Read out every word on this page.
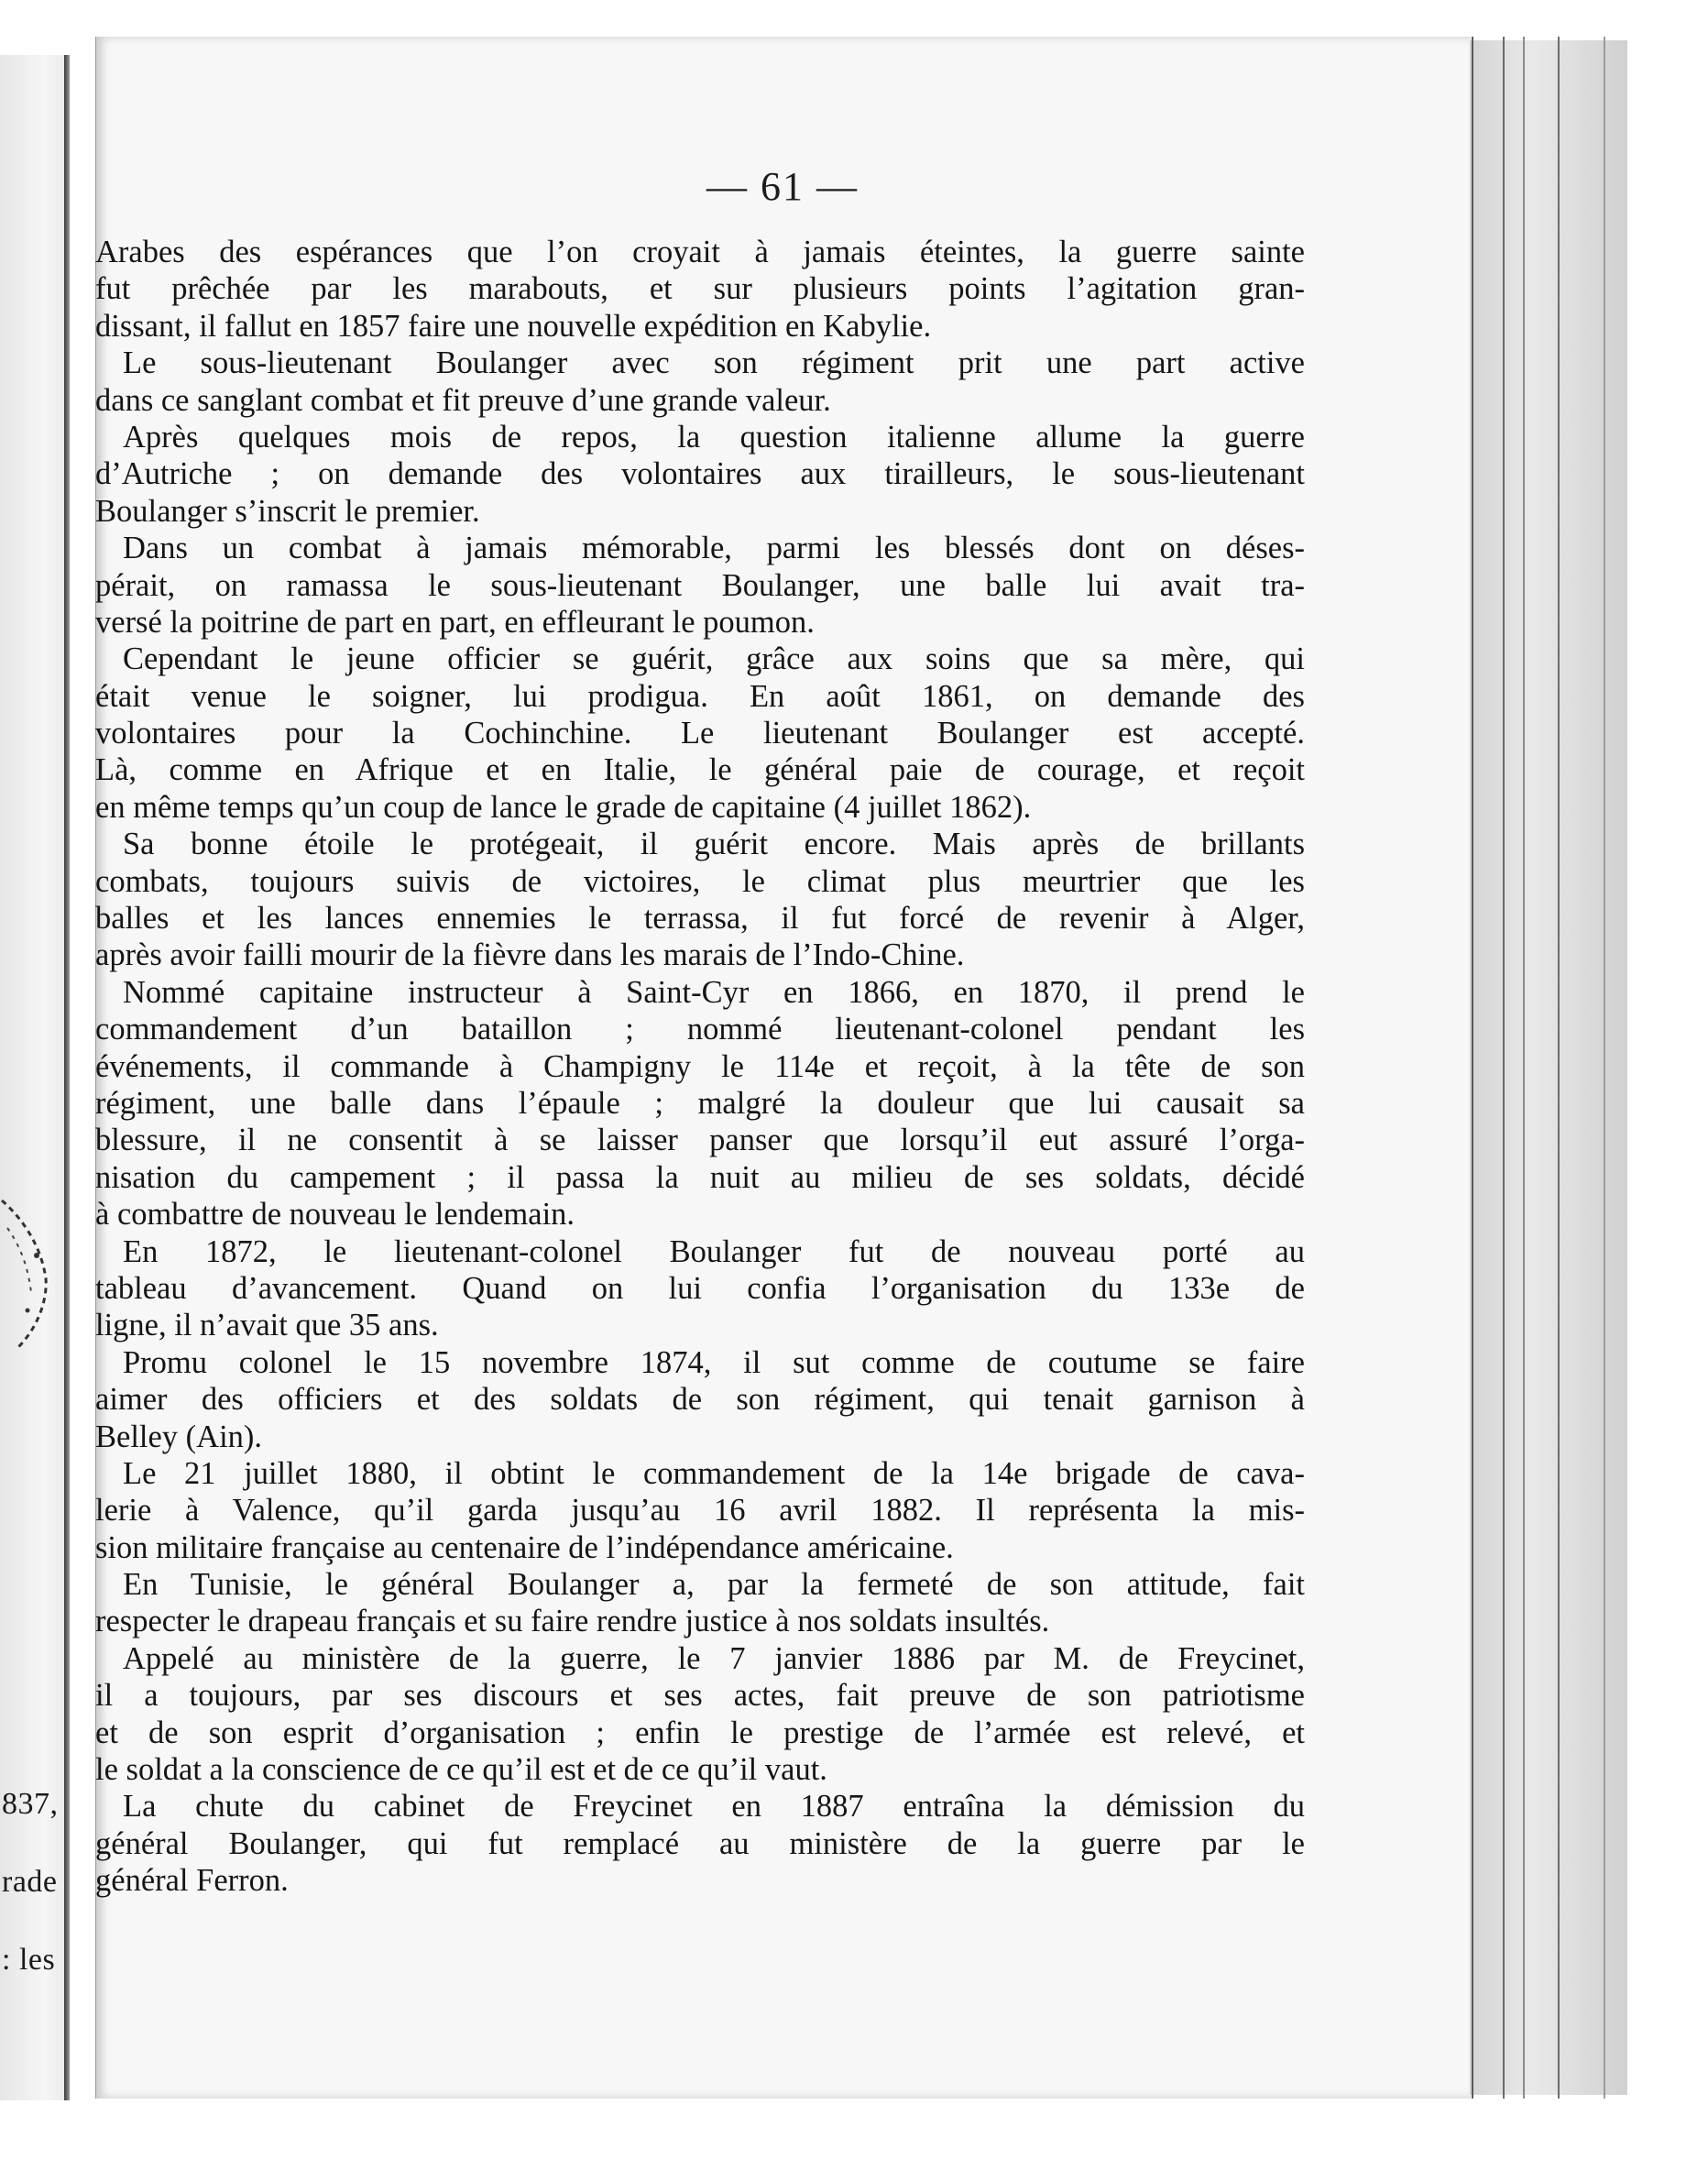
837,
rade
: les
— 61 —
Arabes des espérances que l’on croyait à jamais éteintes, la guerre sainte
fut prêchée par les marabouts, et sur plusieurs points l’agitation gran-
dissant, il fallut en 1857 faire une nouvelle expédition en Kabylie.
Le sous-lieutenant Boulanger avec son régiment prit une part active
dans ce sanglant combat et fit preuve d’une grande valeur.
Après quelques mois de repos, la question italienne allume la guerre
d’Autriche ; on demande des volontaires aux tirailleurs, le sous-lieutenant
Boulanger s’inscrit le premier.
Dans un combat à jamais mémorable, parmi les blessés dont on déses-
pérait, on ramassa le sous-lieutenant Boulanger, une balle lui avait tra-
versé la poitrine de part en part, en effleurant le poumon.
Cependant le jeune officier se guérit, grâce aux soins que sa mère, qui
était venue le soigner, lui prodigua. En août 1861, on demande des
volontaires pour la Cochinchine. Le lieutenant Boulanger est accepté.
Là, comme en Afrique et en Italie, le général paie de courage, et reçoit
en même temps qu’un coup de lance le grade de capitaine (4 juillet 1862).
Sa bonne étoile le protégeait, il guérit encore. Mais après de brillants
combats, toujours suivis de victoires, le climat plus meurtrier que les
balles et les lances ennemies le terrassa, il fut forcé de revenir à Alger,
après avoir failli mourir de la fièvre dans les marais de l’Indo-Chine.
Nommé capitaine instructeur à Saint-Cyr en 1866, en 1870, il prend le
commandement d’un bataillon ; nommé lieutenant-colonel pendant les
événements, il commande à Champigny le 114e et reçoit, à la tête de son
régiment, une balle dans l’épaule ; malgré la douleur que lui causait sa
blessure, il ne consentit à se laisser panser que lorsqu’il eut assuré l’orga-
nisation du campement ; il passa la nuit au milieu de ses soldats, décidé
à combattre de nouveau le lendemain.
En 1872, le lieutenant-colonel Boulanger fut de nouveau porté au
tableau d’avancement. Quand on lui confia l’organisation du 133e de
ligne, il n’avait que 35 ans.
Promu colonel le 15 novembre 1874, il sut comme de coutume se faire
aimer des officiers et des soldats de son régiment, qui tenait garnison à
Belley (Ain).
Le 21 juillet 1880, il obtint le commandement de la 14e brigade de cava-
lerie à Valence, qu’il garda jusqu’au 16 avril 1882. Il représenta la mis-
sion militaire française au centenaire de l’indépendance américaine.
En Tunisie, le général Boulanger a, par la fermeté de son attitude, fait
respecter le drapeau français et su faire rendre justice à nos soldats insultés.
Appelé au ministère de la guerre, le 7 janvier 1886 par M. de Freycinet,
il a toujours, par ses discours et ses actes, fait preuve de son patriotisme
et de son esprit d’organisation ; enfin le prestige de l’armée est relevé, et
le soldat a la conscience de ce qu’il est et de ce qu’il vaut.
La chute du cabinet de Freycinet en 1887 entraîna la démission du
général Boulanger, qui fut remplacé au ministère de la guerre par le
général Ferron.
